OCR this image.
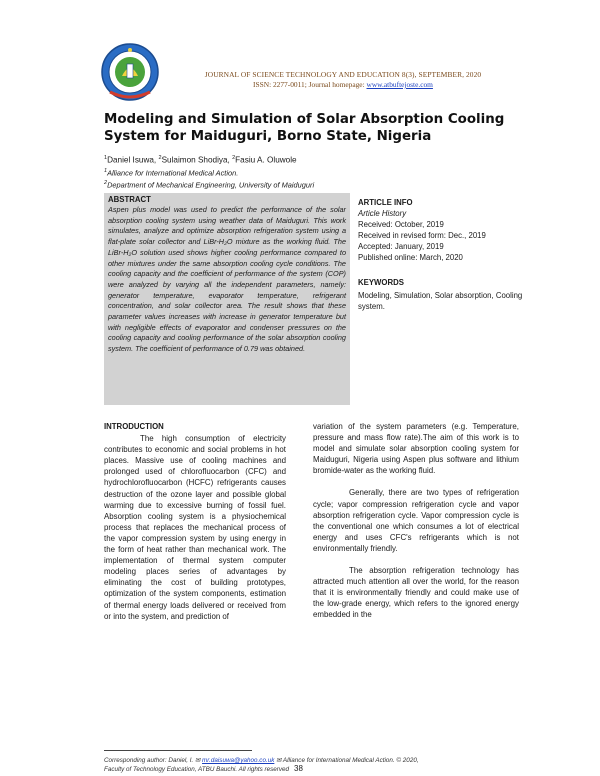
JOURNAL OF SCIENCE TECHNOLOGY AND EDUCATION 8(3), SEPTEMBER, 2020
ISSN: 2277-0011; Journal homepage: www.atbuftejoste.com
Modeling and Simulation of Solar Absorption Cooling System for Maiduguri, Borno State, Nigeria
$^1$Daniel Isuwa, $^2$Sulaimon Shodiya, $^2$Fasiu A. Oluwole
$^1$Alliance for International Medical Action.
$^2$Department of Mechanical Engineering, University of Maiduguri
ABSTRACT
Aspen plus model was used to predict the performance of the solar absorption cooling system using weather data of Maiduguri. This work simulates, analyze and optimize absorption refrigeration system using a flat-plate solar collector and LiBr-H₂O mixture as the working fluid. The LiBr-H₂O solution used shows higher cooling performance compared to other mixtures under the same absorption cooling cycle conditions. The cooling capacity and the coefficient of performance of the system (COP) were analyzed by varying all the independent parameters, namely: generator temperature, evaporator temperature, refrigerant concentration, and solar collector area. The result shows that these parameter values increases with increase in generator temperature but with negligible effects of evaporator and condenser pressures on the cooling capacity and cooling performance of the solar absorption cooling system. The coefficient of performance of 0.79 was obtained.
ARTICLE INFO
Article History
Received: October, 2019
Received in revised form: Dec., 2019
Accepted: January, 2019
Published online: March, 2020
KEYWORDS
Modeling, Simulation, Solar absorption, Cooling system.
INTRODUCTION

The high consumption of electricity contributes to economic and social problems in hot places. Massive use of cooling machines and prolonged used of chlorofluocarbon (CFC) and hydrochlorofluocarbon (HCFC) refrigerants causes destruction of the ozone layer and possible global warming due to excessive burning of fossil fuel. Absorption cooling system is a physiochemical process that replaces the mechanical process of the vapor compression system by using energy in the form of heat rather than mechanical work. The implementation of thermal system computer modeling places series of advantages by eliminating the cost of building prototypes, optimization of the system components, estimation of thermal energy loads delivered or received from or into the system, and prediction of

variation of the system parameters (e.g. Temperature, pressure and mass flow rate).The aim of this work is to model and simulate solar absorption cooling system for Maiduguri, Nigeria using Aspen plus software and lithium bromide-water as the working fluid.

Generally, there are two types of refrigeration cycle; vapor compression refrigeration cycle and vapor absorption refrigeration cycle. Vapor compression cycle is the conventional one which consumes a lot of electrical energy and uses CFC's refrigerants which is not environmentally friendly.

The absorption refrigeration technology has attracted much attention all over the world, for the reason that it is environmentally friendly and could make use of the low-grade energy, which refers to the ignored energy embedded in the

Corresponding author: Daniel, I. ✉ mr.daisuwa@yahoo.co.uk ✉ Alliance for International Medical Action. © 2020,
Faculty of Technology Education, ATBU Bauchi. All rights reserved 38
